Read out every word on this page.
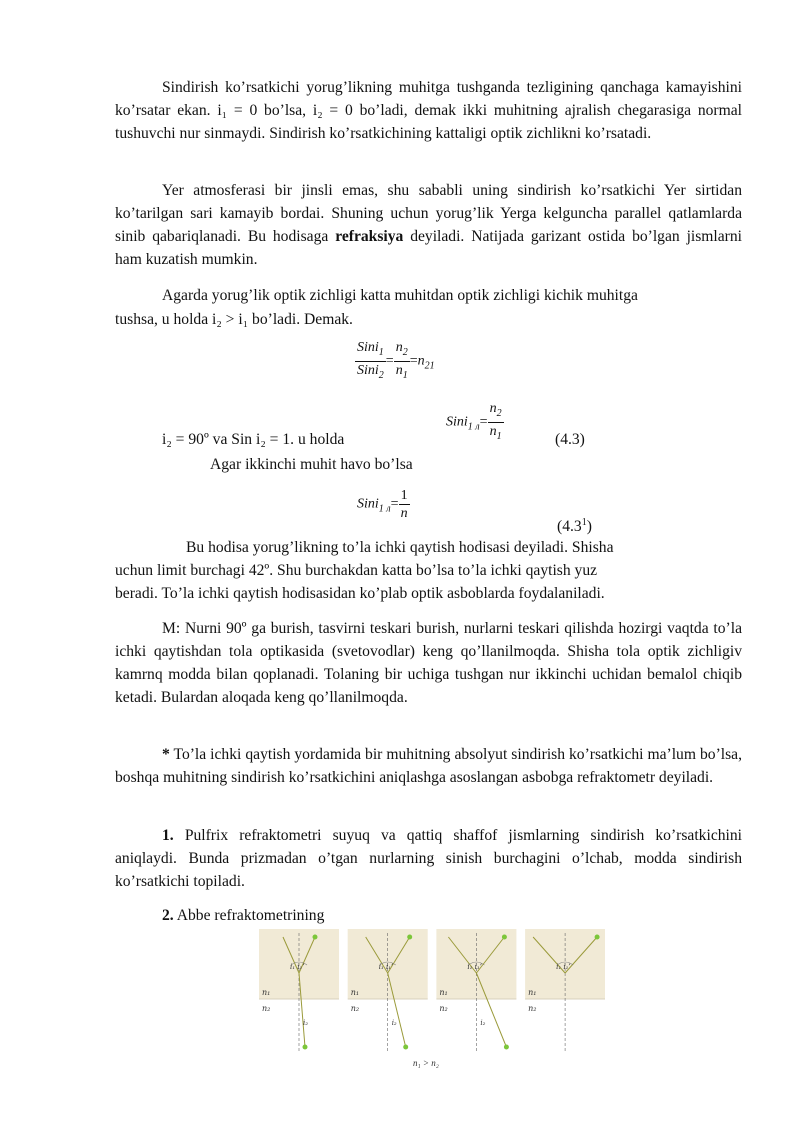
Sindirish ko’rsatkichi yorug’likning muhitga tushganda tezligining qanchaga kamayishini ko’rsatar ekan. i₁ = 0 bo’lsa, i₂ = 0 bo’ladi, demak ikki muhitning ajralish chegarasiga normal tushuvchi nur sinmaydi. Sindirish ko’rsatkichining kattaligi optik zichlikni ko’rsatadi.

Yer atmosferasi bir jinsli emas, shu sababli uning sindirish ko’rsatkichi Yer sirtidan ko’tarilgan sari kamayib bordai. Shuning uchun yorug’lik Yerga kelguncha parallel qatlamlarda sinib qabariqlanadi. Bu hodisaga refraksiya deyiladi. Natijada garizant ostida bo’lgan jismlarni ham kuzatish mumkin.

Agarda yorug’lik optik zichligi katta muhitdan optik zichligi kichik muhitga
tushsa, u holda i₂ > i₁ bo’ladi. Demak.
$\frac{Sini_1}{Sini_2} = \frac{n_2}{n_1} =n_{21}$
i₂ = 90º va Sin i₂ = 1. u holda
Sini$_{1 л}$= $\frac{n_2}{n_1}$	(4.3)
Agar ikkinchi muhit havo bo’lsa
Sini$_{1 л}$= $\frac{1}{n}$
$(4.3^1)$
Bu hodisa yorug’likning to’la ichki qaytish hodisasi deyiladi. Shisha
uchun limit burchagi 42º. Shu burchakdan katta bo’lsa to’la ichki qaytish yuz
beradi. To’la ichki qaytish hodisasidan ko’plab optik asboblarda foydalaniladi.

M: Nurni 90º ga burish, tasvirni teskari burish, nurlarni teskari qilishda hozirgi vaqtda to’la ichki qaytishdan tola optikasida (svetovodlar) keng qo’llanilmoqda. Shisha tola optik zichligiv kamrnq modda bilan qoplanadi. Tolaning bir uchiga tushgan nur ikkinchi uchidan bemalol chiqib ketadi. Bulardan aloqada keng qo’llanilmoqda.

* To’la ichki qaytish yordamida bir muhitning absolyut sindirish ko’rsatkichi ma’lum bo’lsa, boshqa muhitning sindirish ko’rsatkichini aniqlashga asoslangan asbobga refraktometr deyiladi.

1. Pulfrix refraktometri suyuq va qattiq shaffof jismlarning sindirish ko’rsatkichini aniqlaydi. Bunda prizmadan o’tgan nurlarning sinish burchagini o’lchab, modda sindirish ko’rsatkichi topiladi.

2. Abbe refraktometrining
n₁
n₂
i₁ i₁’
i₂
n₁
n₂
i₁ i₁’
i₂
n₁
n₂
i₁ i₁’
i₂
n₁
n₂
i₁ i₁’
n₁ > n₂
